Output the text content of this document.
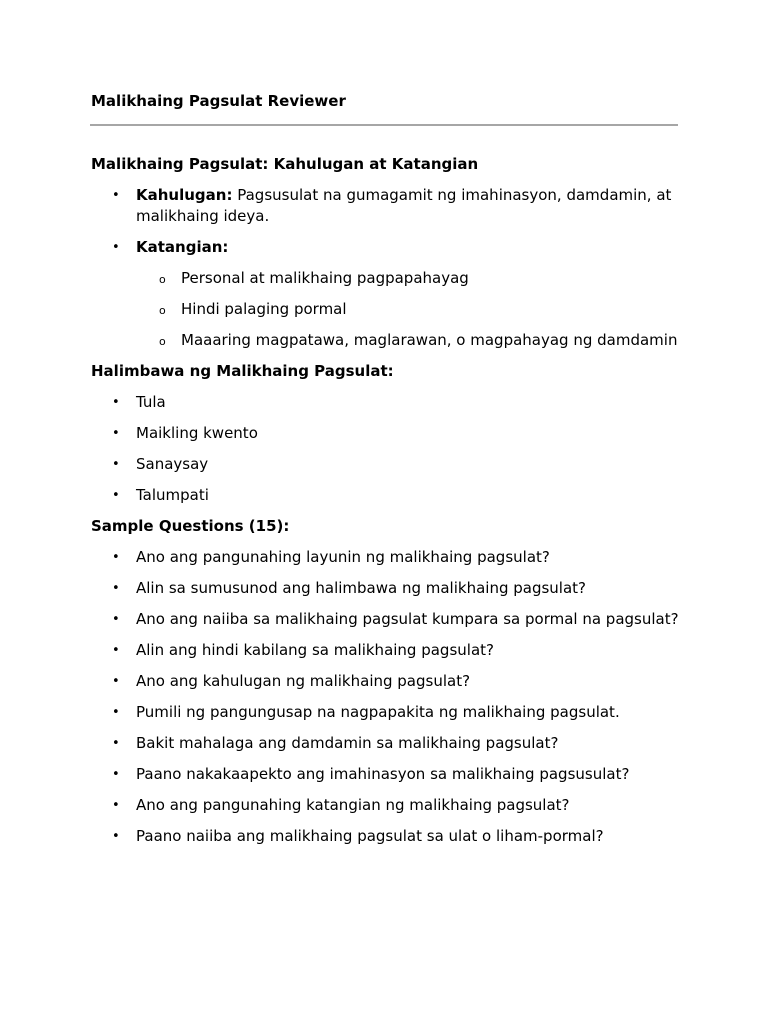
Malikhaing Pagsulat Reviewer
Malikhaing Pagsulat: Kahulugan at Katangian
• Kahulugan: Pagsusulat na gumagamit ng imahinasyon, damdamin, at malikhaing ideya.
• Katangian:
o Personal at malikhaing pagpapahayag
o Hindi palaging pormal
o Maaaring magpatawa, maglarawan, o magpahayag ng damdamin
Halimbawa ng Malikhaing Pagsulat:
• Tula
• Maikling kwento
• Sanaysay
• Talumpati
Sample Questions (15):
• Ano ang pangunahing layunin ng malikhaing pagsulat?
• Alin sa sumusunod ang halimbawa ng malikhaing pagsulat?
• Ano ang naiiba sa malikhaing pagsulat kumpara sa pormal na pagsulat?
• Alin ang hindi kabilang sa malikhaing pagsulat?
• Ano ang kahulugan ng malikhaing pagsulat?
• Pumili ng pangungusap na nagpapakita ng malikhaing pagsulat.
• Bakit mahalaga ang damdamin sa malikhaing pagsulat?
• Paano nakakaapekto ang imahinasyon sa malikhaing pagsusulat?
• Ano ang pangunahing katangian ng malikhaing pagsulat?
• Paano naiiba ang malikhaing pagsulat sa ulat o liham-pormal?
